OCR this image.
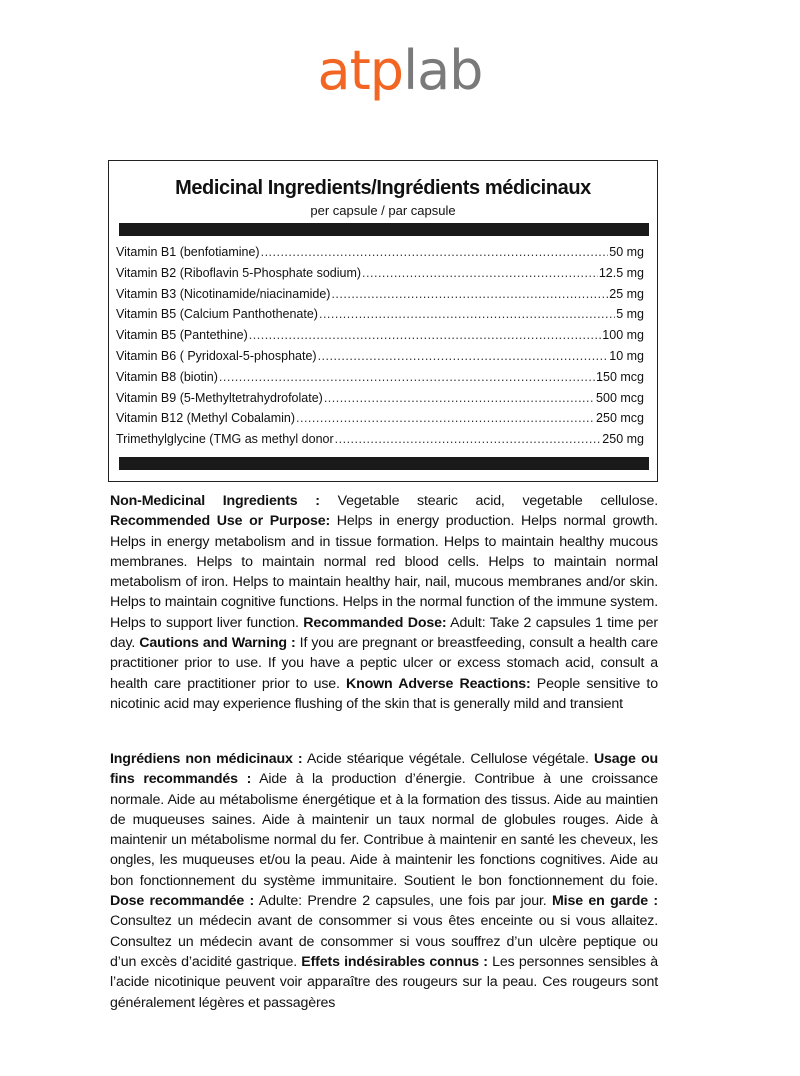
atplab
Medicinal Ingredients/Ingrédients médicinaux
per capsule / par capsule
Vitamin B1 (benfotiamine) .....	50 mg
Vitamin B2 (Riboflavin 5-Phosphate sodium) .....	12.5 mg
Vitamin B3 (Nicotinamide/niacinamide) .....	25 mg
Vitamin B5 (Calcium Panthothenate) .....	5 mg
Vitamin B5 (Pantethine) .....	100 mg
Vitamin B6 ( Pyridoxal-5-phosphate) .....	10 mg
Vitamin B8 (biotin) .....	150 mcg
Vitamin B9 (5-Methyltetrahydrofolate) .....	500 mcg
Vitamin B12 (Methyl Cobalamin) .....	250 mcg
Trimethylglycine (TMG as methyl donor .....	250 mg
Non-Medicinal Ingredients : Vegetable stearic acid, vegetable cellulose. Recommended Use or Purpose: Helps in energy production. Helps normal growth. Helps in energy metabolism and in tissue formation. Helps to maintain healthy mucous membranes. Helps to maintain normal red blood cells. Helps to maintain normal metabolism of iron. Helps to maintain healthy hair, nail, mucous membranes and/or skin. Helps to maintain cognitive functions. Helps in the normal function of the immune system. Helps to support liver function. Recommanded Dose: Adult: Take 2 capsules 1 time per day. Cautions and Warning : If you are pregnant or breastfeeding, consult a health care practitioner prior to use. If you have a peptic ulcer or excess stomach acid, consult a health care practitioner prior to use. Known Adverse Reactions: People sensitive to nicotinic acid may experience flushing of the skin that is generally mild and transient
Ingrédiens non médicinaux : Acide stéarique végétale. Cellulose végétale. Usage ou fins recommandés : Aide à la production d’énergie. Contribue à une croissance normale. Aide au métabolisme énergétique et à la formation des tissus. Aide au maintien de muqueuses saines. Aide à maintenir un taux normal de globules rouges. Aide à maintenir un métabolisme normal du fer. Contribue à maintenir en santé les cheveux, les ongles, les muqueuses et/ou la peau. Aide à maintenir les fonctions cognitives. Aide au bon fonctionnement du système immunitaire. Soutient le bon fonctionnement du foie. Dose recommandée : Adulte: Prendre 2 capsules, une fois par jour. Mise en garde : Consultez un médecin avant de consommer si vous êtes enceinte ou si vous allaitez. Consultez un médecin avant de consommer si vous souffrez d’un ulcère peptique ou d’un excès d’acidité gastrique. Effets indésirables connus : Les personnes sensibles à l’acide nicotinique peuvent voir apparaître des rougeurs sur la peau. Ces rougeurs sont généralement légères et passagères
